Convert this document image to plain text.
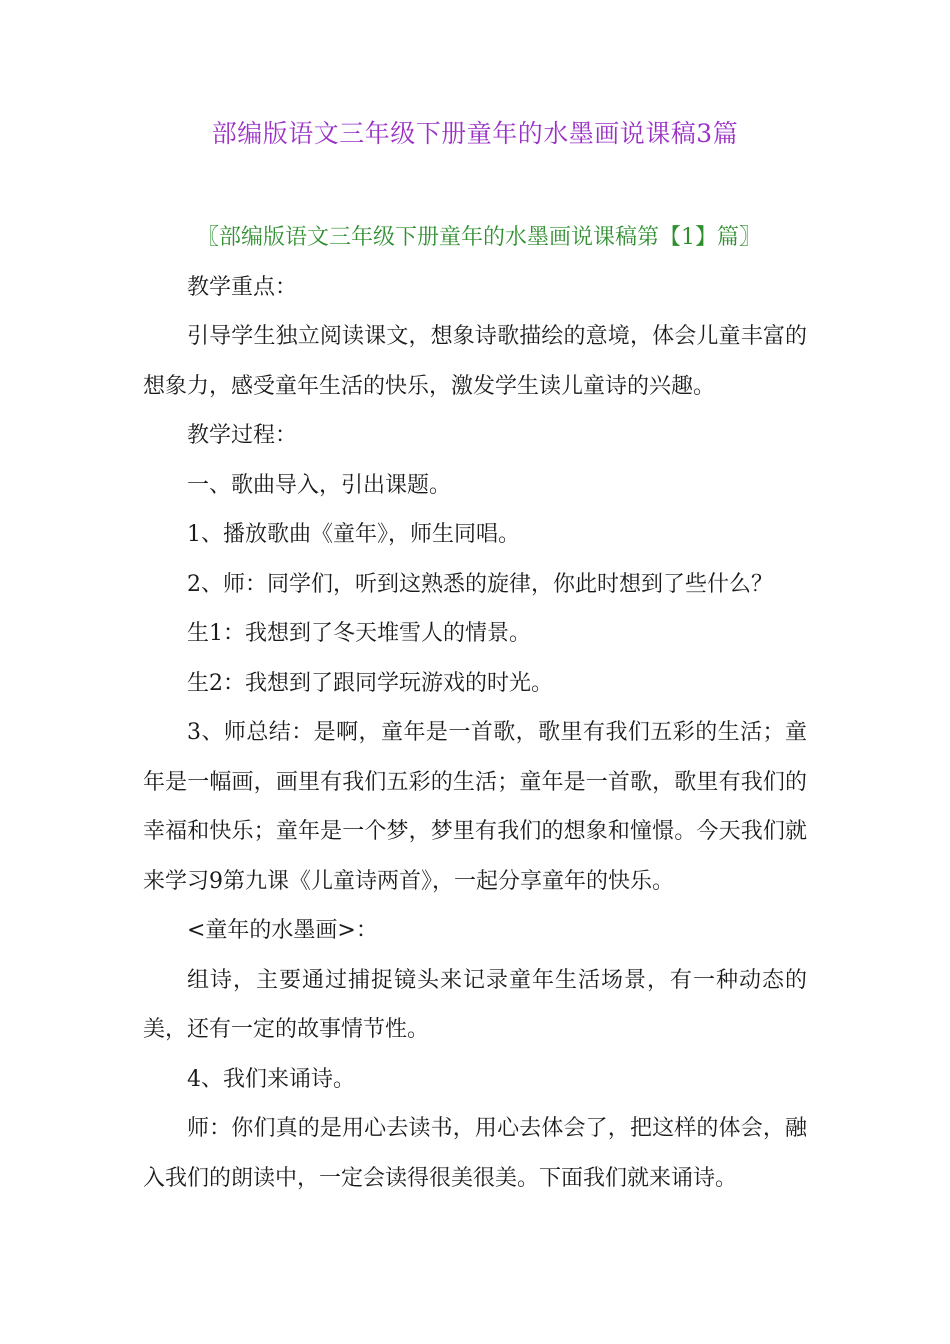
部编版语文三年级下册童年的水墨画说课稿3篇

〖部编版语文三年级下册童年的水墨画说课稿第【1】篇〗

教学重点：

引导学生独立阅读课文，想象诗歌描绘的意境，体会儿童丰富的想象力，感受童年生活的快乐，激发学生读儿童诗的兴趣。

教学过程：

一、歌曲导入，引出课题。

1、播放歌曲《童年》，师生同唱。

2、师：同学们，听到这熟悉的旋律，你此时想到了些什么？

生1：我想到了冬天堆雪人的情景。

生2：我想到了跟同学玩游戏的时光。

3、师总结：是啊，童年是一首歌，歌里有我们五彩的生活；童年是一幅画，画里有我们五彩的生活；童年是一首歌，歌里有我们的幸福和快乐；童年是一个梦，梦里有我们的想象和憧憬。今天我们就来学习9第九课《儿童诗两首》，一起分享童年的快乐。

<童年的水墨画>：

组诗，主要通过捕捉镜头来记录童年生活场景，有一种动态的美，还有一定的故事情节性。

4、我们来诵诗。

师：你们真的是用心去读书，用心去体会了，把这样的体会，融入我们的朗读中，一定会读得很美很美。下面我们就来诵诗。
